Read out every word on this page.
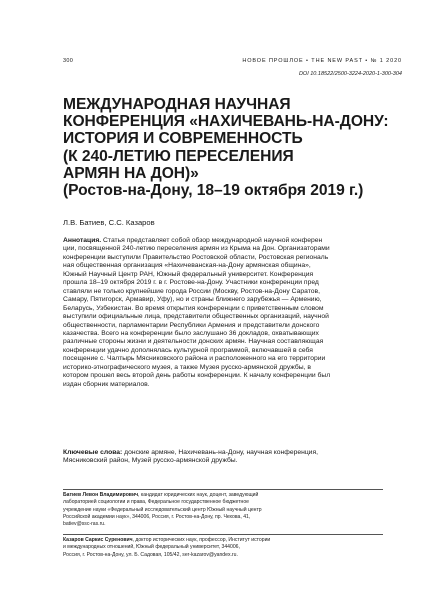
300	НОВОЕ ПРОШЛОЕ • THE NEW PAST • № 1 2020
DOI 10.18522/2500-3224-2020-1-300-304
МЕЖДУНАРОДНАЯ НАУЧНАЯ
КОНФЕРЕНЦИЯ «НАХИЧЕВАНЬ-НА-ДОНУ:
ИСТОРИЯ И СОВРЕМЕННОСТЬ
(К 240-ЛЕТИЮ ПЕРЕСЕЛЕНИЯ
АРМЯН НА ДОН)»
(Ростов-на-Дону, 18–19 октября 2019 г.)
Л.В. Батиев, С.С. Казаров
Аннотация. Статья представляет собой обзор международной научной конферен
ции, посвященной 240-летию переселения армян из Крыма на Дон. Организаторами
конференции выступили Правительство Ростовской области, Ростовская региональ
ная общественная организация «Нахичеванская-на-Дону армянская община»,
Южный Научный Центр РАН, Южный федеральный университет. Конференция
прошла 18–19 октября 2019 г. в г. Ростове-на-Дону. Участники конференции пред
ставляли не только крупнейшие города России (Москву, Ростов-на-Дону Саратов,
Самару, Пятигорск, Армавир, Уфу), но и страны ближнего зарубежья — Армению,
Беларусь, Узбекистан. Во время открытия конференции с приветственным словом
выступили официальные лица, представители общественных организаций, научной
общественности, парламентарии Республики Армения и представители донского
казачества. Всего на конференции было заслушано 36 докладов, охватывающих
различные стороны жизни и деятельности донских армян. Научная составляющая
конференции удачно дополнялась культурной программой, включавшей в себя
посещение с. Чалтырь Мясниковского района и расположенного на его территории
историко-этнографического музея, а также Музея русско-армянской дружбы, в
котором прошел весь второй день работы конференции. К началу конференции был
издан сборник материалов.
Ключевые слова: донские армяне, Нахичевань-на-Дону, научная конференция,
Мясниковский район, Музей русско-армянской дружбы.
Батиев Левон Владимирович, кандидат юридических наук, доцент, заведующий
лабораторией социологии и права, Федеральное государственное бюджетное
учреждение науки «Федеральный исследовательский центр Южный научный центр
Российской академии наук», 344006, Россия, г. Ростов-на-Дону, пр. Чехова, 41,
batiev@ssc-ras.ru.
Казаров Саркис Суренович, доктор исторических наук, профессор, Институт истории
и международных отношений, Южный федеральный университет, 344006,
Россия, г. Ростов-на-Дону, ул. Б. Садовая, 105/42, ser-kazarov@yandex.ru.
